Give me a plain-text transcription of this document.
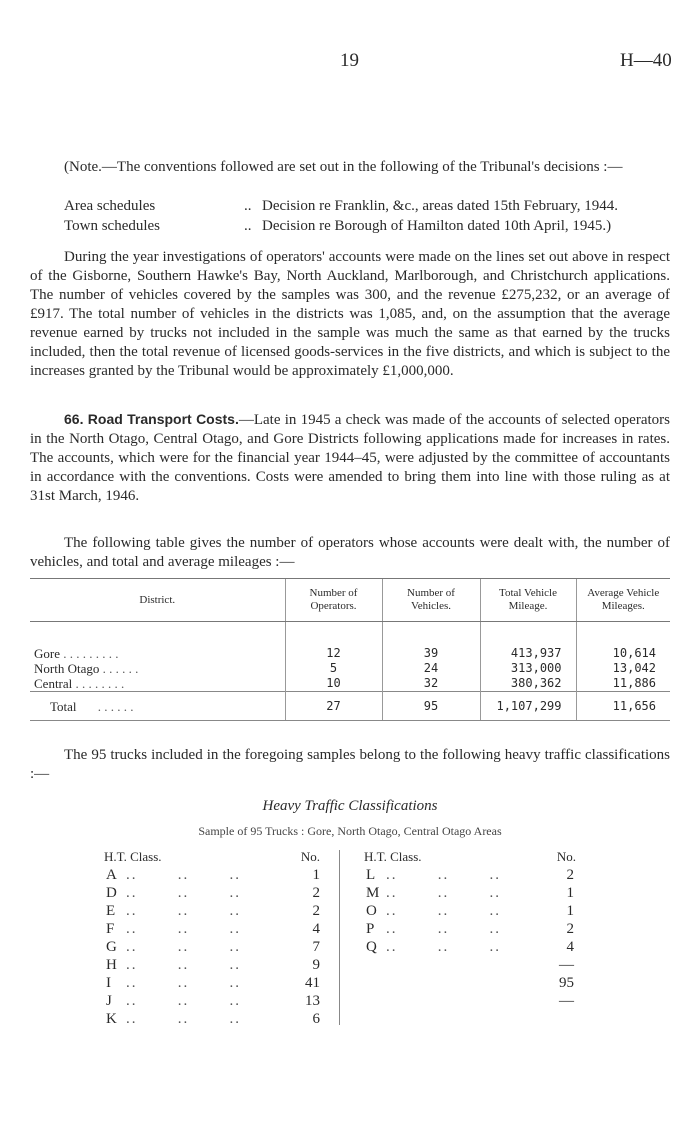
19	H—40

(Note.—The conventions followed are set out in the following of the Tribunal's decisions :—

Area schedules	.. Decision re Franklin, &c., areas dated 15th February, 1944.
Town schedules	.. Decision re Borough of Hamilton dated 10th April, 1945.)

During the year investigations of operators' accounts were made on the lines set out above in respect of the Gisborne, Southern Hawke's Bay, North Auckland, Marlborough, and Christchurch applications. The number of vehicles covered by the samples was 300, and the revenue £275,232, or an average of £917. The total number of vehicles in the districts was 1,085, and, on the assumption that the average revenue earned by trucks not included in the sample was much the same as that earned by the trucks included, then the total revenue of licensed goods-services in the five districts, and which is subject to the increases granted by the Tribunal would be approximately £1,000,000.

66. Road Transport Costs.—Late in 1945 a check was made of the accounts of selected operators in the North Otago, Central Otago, and Gore Districts following applications made for increases in rates. The accounts, which were for the financial year 1944–45, were adjusted by the committee of accountants in accordance with the conventions. Costs were amended to bring them into line with those ruling as at 31st March, 1946.

The following table gives the number of operators whose accounts were dealt with, the number of vehicles, and total and average mileages :—

District.	Number of Operators.	Number of Vehicles.	Total Vehicle Mileage.	Average Vehicle Mileages.

Gore . . . . . . . . .	12	39	413,937	10,614
North Otago . . . . . .	5	24	313,000	13,042
Central . . . . . . . .	10	32	380,362	11,886
Total . . . . . .	27	95	1,107,299	11,656

The 95 trucks included in the foregoing samples belong to the following heavy traffic classifications :—

Heavy Traffic Classifications
Sample of 95 Trucks : Gore, North Otago, Central Otago Areas
H.T. Class.	No.
A ..       ..       ..	1
D ..       ..       ..	2
E ..       ..       ..	2
F ..       ..       ..	4
G ..       ..       ..	7
H ..       ..       ..	9
I ..       ..       ..	41
J ..       ..       ..	13
K ..       ..       ..	6
H.T. Class.	No.
L ..       ..       ..	2
M ..       ..       ..	1
O ..       ..       ..	1
P ..       ..       ..	2
Q ..       ..       ..	4
—
95
—
